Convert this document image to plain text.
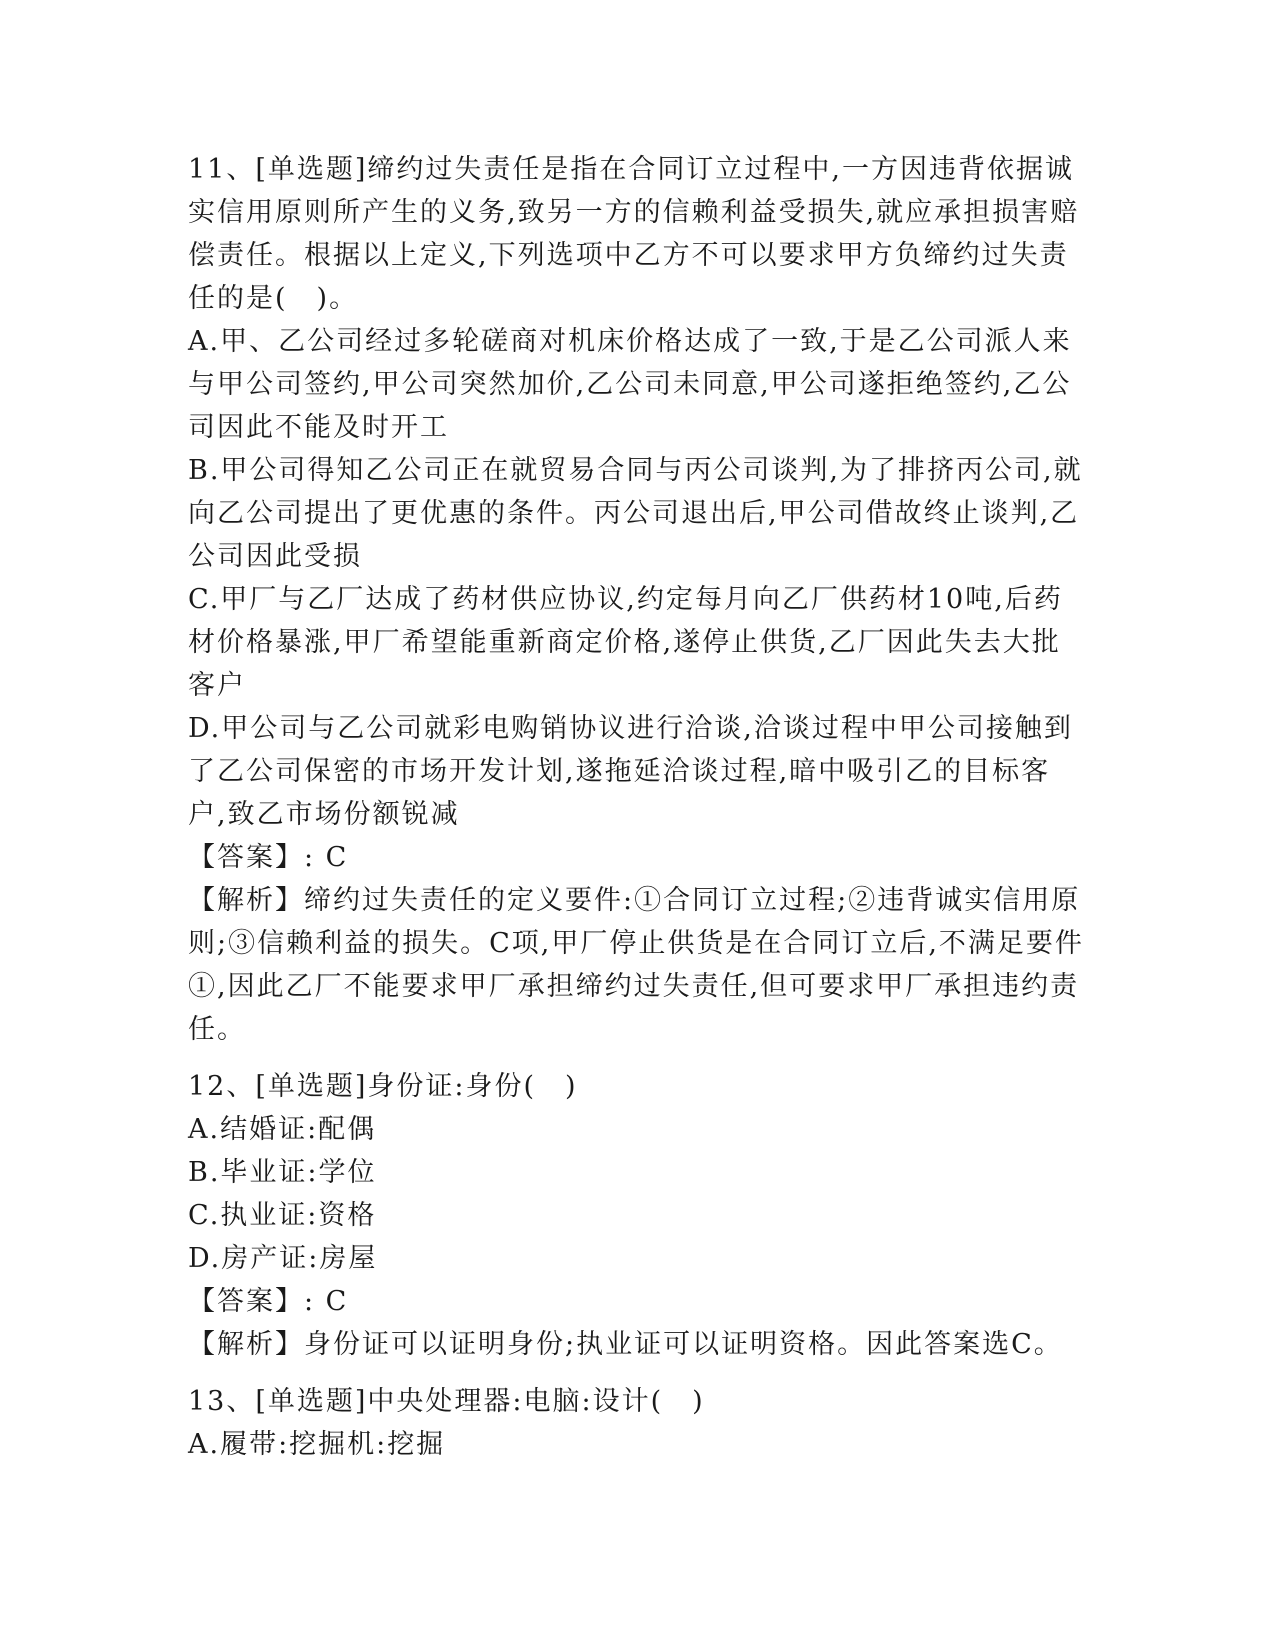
11、[单选题]缔约过失责任是指在合同订立过程中,一方因违背依据诚实信用原则所产生的义务,致另一方的信赖利益受损失,就应承担损害赔偿责任。根据以上定义,下列选项中乙方不可以要求甲方负缔约过失责任的是(　)。

A.甲、乙公司经过多轮磋商对机床价格达成了一致,于是乙公司派人来与甲公司签约,甲公司突然加价,乙公司未同意,甲公司遂拒绝签约,乙公司因此不能及时开工

B.甲公司得知乙公司正在就贸易合同与丙公司谈判,为了排挤丙公司,就向乙公司提出了更优惠的条件。丙公司退出后,甲公司借故终止谈判,乙公司因此受损

C.甲厂与乙厂达成了药材供应协议,约定每月向乙厂供药材10吨,后药材价格暴涨,甲厂希望能重新商定价格,遂停止供货,乙厂因此失去大批客户

D.甲公司与乙公司就彩电购销协议进行洽谈,洽谈过程中甲公司接触到了乙公司保密的市场开发计划,遂拖延洽谈过程,暗中吸引乙的目标客户,致乙市场份额锐减

【答案】: C

【解析】缔约过失责任的定义要件:①合同订立过程;②违背诚实信用原则;③信赖利益的损失。C项,甲厂停止供货是在合同订立后,不满足要件①,因此乙厂不能要求甲厂承担缔约过失责任,但可要求甲厂承担违约责任。

12、[单选题]身份证:身份(　)

A.结婚证:配偶

B.毕业证:学位

C.执业证:资格

D.房产证:房屋

【答案】: C

【解析】身份证可以证明身份;执业证可以证明资格。因此答案选C。

13、[单选题]中央处理器:电脑:设计(　)

A.履带:挖掘机:挖掘
